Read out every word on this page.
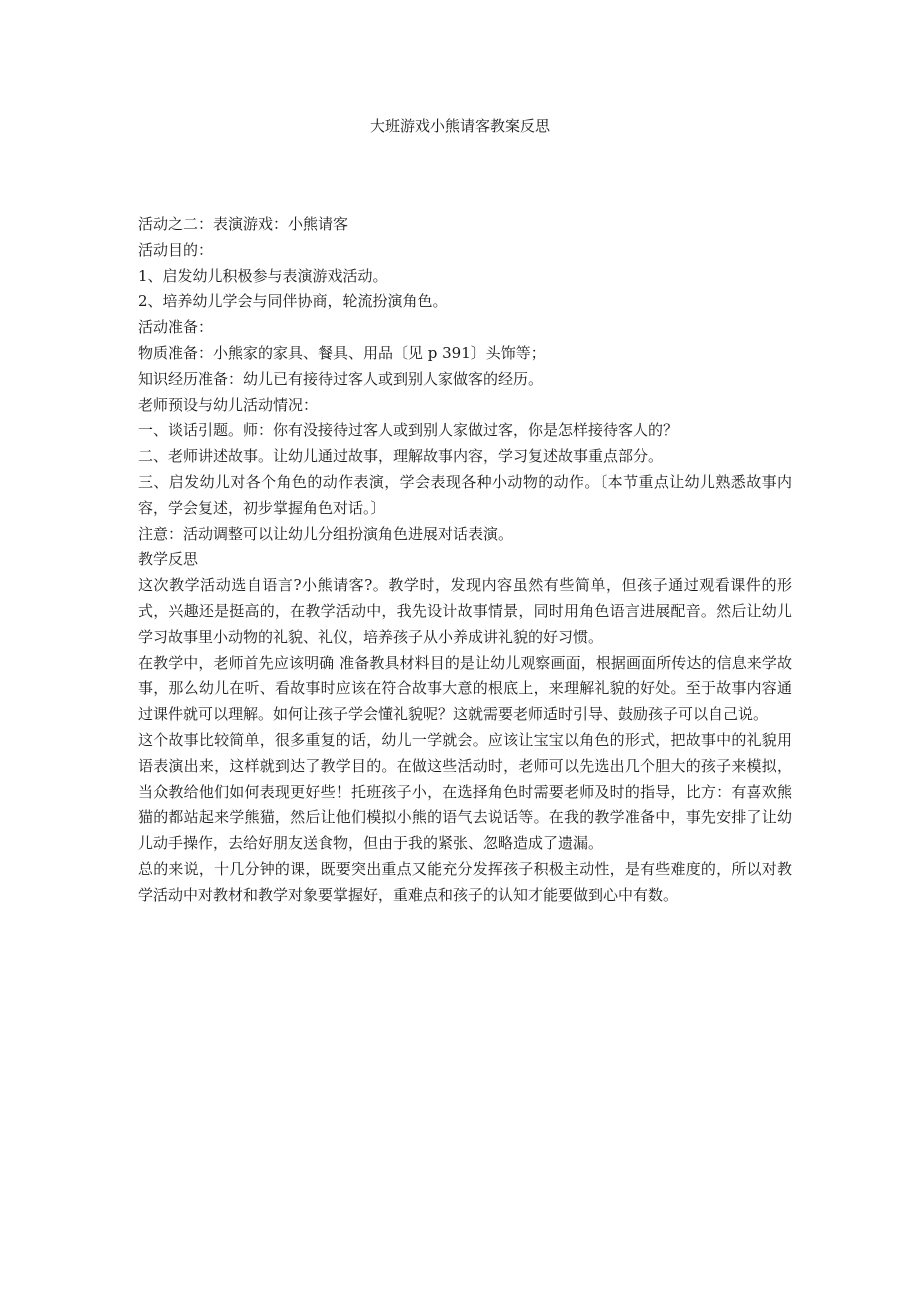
大班游戏小熊请客教案反思

活动之二：表演游戏：小熊请客

活动目的：

1、启发幼儿积极参与表演游戏活动。

2、培养幼儿学会与同伴协商，轮流扮演角色。

活动准备：

物质准备：小熊家的家具、餐具、用品〔见 p 391〕头饰等；

知识经历准备：幼儿已有接待过客人或到别人家做客的经历。

老师预设与幼儿活动情况：

一、谈话引题。师：你有没接待过客人或到别人家做过客，你是怎样接待客人的？

二、老师讲述故事。让幼儿通过故事，理解故事内容，学习复述故事重点部分。

三、启发幼儿对各个角色的动作表演，学会表现各种小动物的动作。〔本节重点让幼儿熟悉故事内容，学会复述，初步掌握角色对话。〕

注意：活动调整可以让幼儿分组扮演角色进展对话表演。

教学反思

这次教学活动选自语言?小熊请客?。教学时，发现内容虽然有些简单，但孩子通过观看课件的形式，兴趣还是挺高的，在教学活动中，我先设计故事情景，同时用角色语言进展配音。然后让幼儿学习故事里小动物的礼貌、礼仪，培养孩子从小养成讲礼貌的好习惯。

在教学中，老师首先应该明确 准备教具材料目的是让幼儿观察画面，根据画面所传达的信息来学故事，那么幼儿在听、看故事时应该在符合故事大意的根底上，来理解礼貌的好处。至于故事内容通过课件就可以理解。如何让孩子学会懂礼貌呢？这就需要老师适时引导、鼓励孩子可以自己说。

这个故事比较简单，很多重复的话，幼儿一学就会。应该让宝宝以角色的形式，把故事中的礼貌用语表演出来，这样就到达了教学目的。在做这些活动时，老师可以先选出几个胆大的孩子来模拟，当众教给他们如何表现更好些！托班孩子小，在选择角色时需要老师及时的指导，比方：有喜欢熊猫的都站起来学熊猫，然后让他们模拟小熊的语气去说话等。在我的教学准备中，事先安排了让幼儿动手操作，去给好朋友送食物，但由于我的紧张、忽略造成了遗漏。

总的来说，十几分钟的课，既要突出重点又能充分发挥孩子积极主动性，是有些难度的，所以对教学活动中对教材和教学对象要掌握好，重难点和孩子的认知才能要做到心中有数。
